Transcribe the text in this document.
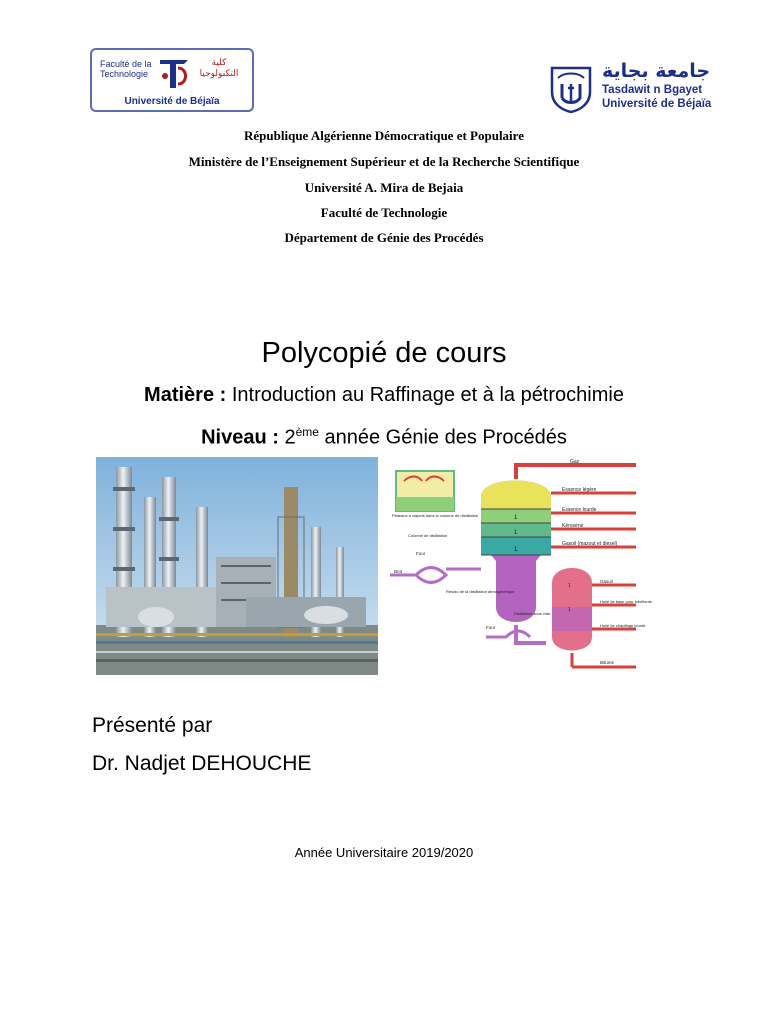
Faculté de la
Technologie
كلية
التكنولوجيا
Université de Béjaïa
جامعة بجاية
Tasdawit n Bgayet
Université de Béjaïa
République Algérienne Démocratique et Populaire
Ministère de l’Enseignement Supérieur et de la Recherche Scientifique
Université A. Mira de Bejaia
Faculté de Technologie
Département de Génie des Procédés
Polycopié de cours
Matière : Introduction au Raffinage et à la pétrochimie
Niveau : 2ème année Génie des Procédés
Gaz
Essence légère
Essence lourde
Kérosène
Gasoil (mazout et diesel)
1
1
1
Plateaux à clapets dans la colonne de distillation
Colonne de distillation
Four
Brut
Résidu de la distillation atmosphérique
Four
Distillation sous vide
1
1
Gasoil
Huile de base pour lubrifiants
Huile de chauffage lourde
Bitume
Présenté par
Dr. Nadjet DEHOUCHE
Année Universitaire 2019/2020
